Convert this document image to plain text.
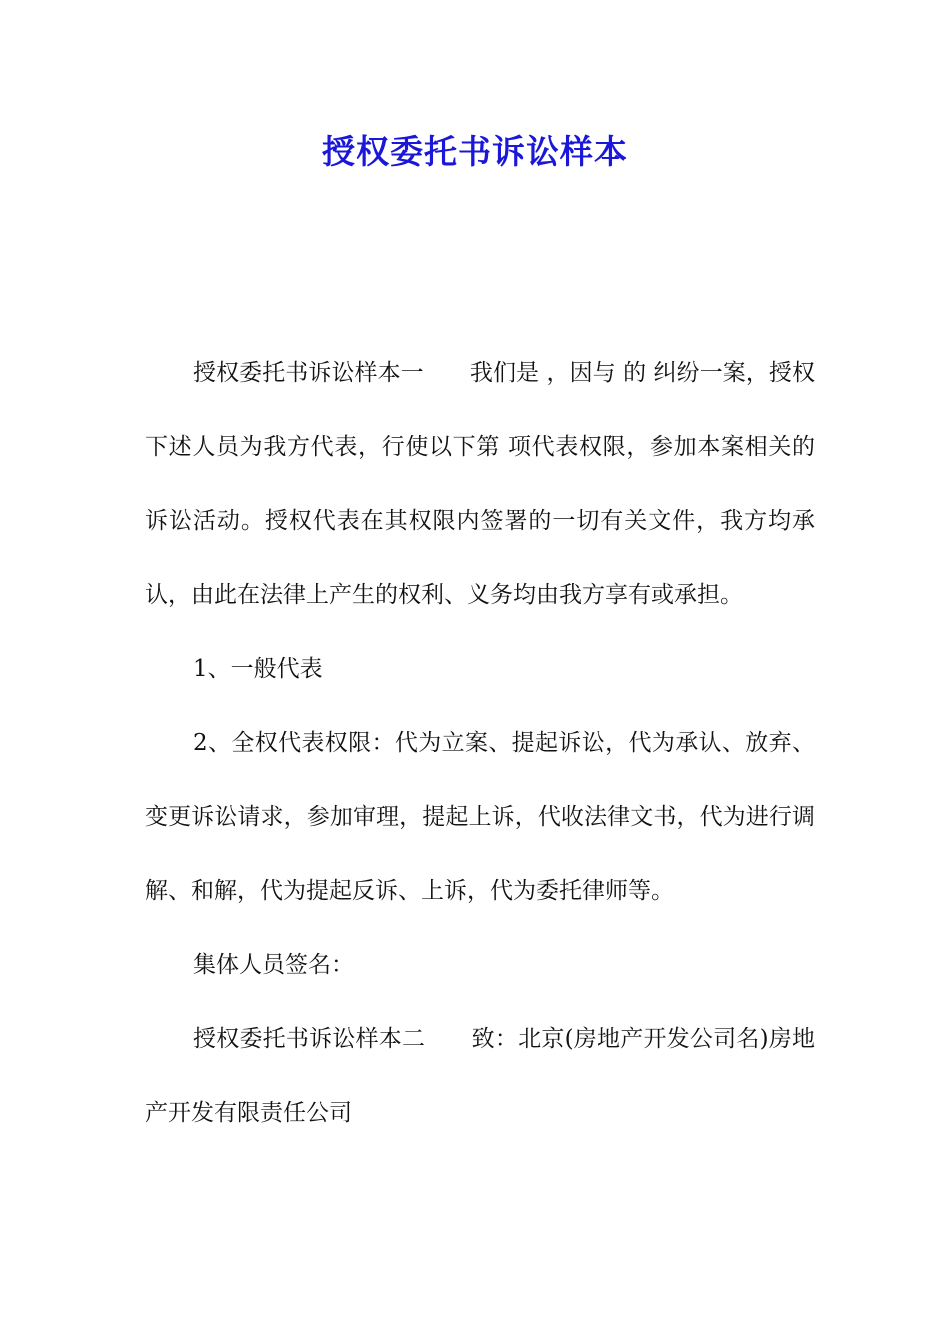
授权委托书诉讼样本

授权委托书诉讼样本一　　我们是 ，因与 的 纠纷一案，授权下述人员为我方代表，行使以下第 项代表权限，参加本案相关的诉讼活动。授权代表在其权限内签署的一切有关文件，我方均承认，由此在法律上产生的权利、义务均由我方享有或承担。

1、一般代表

2、全权代表权限：代为立案、提起诉讼，代为承认、放弃、变更诉讼请求，参加审理，提起上诉，代收法律文书，代为进行调解、和解，代为提起反诉、上诉，代为委托律师等。

集体人员签名：

授权委托书诉讼样本二　　致：北京(房地产开发公司名)房地产开发有限责任公司
